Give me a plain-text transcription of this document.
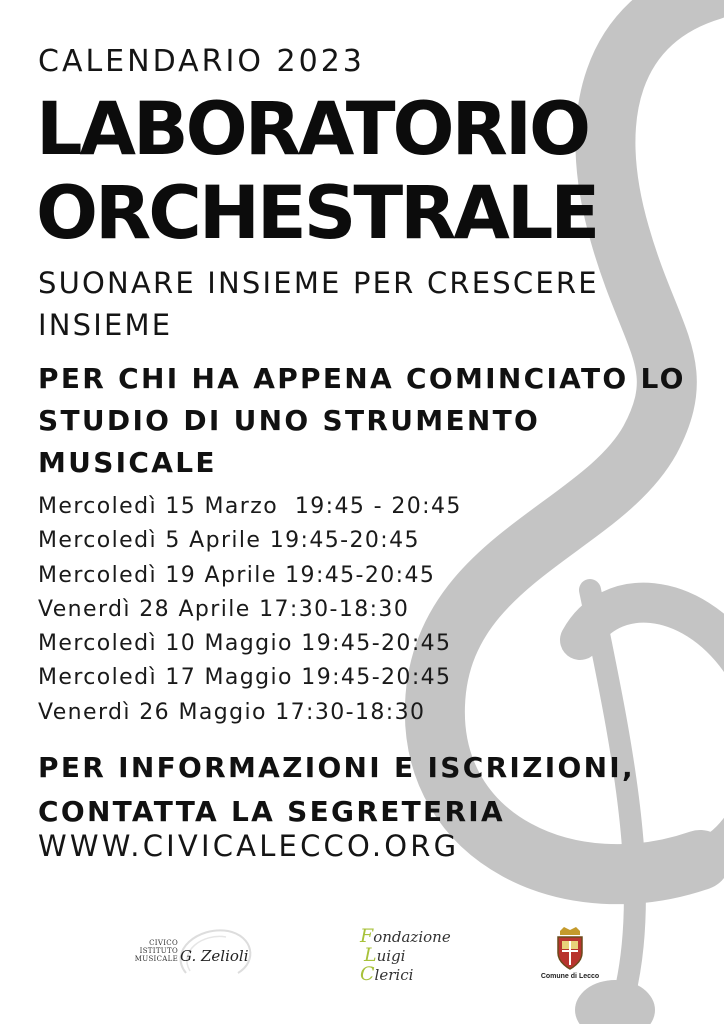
CALENDARIO 2023
LABORATORIO
ORCHESTRALE
SUONARE INSIEME PER CRESCERE INSIEME
PER CHI HA APPENA COMINCIATO LO STUDIO DI UNO STRUMENTO MUSICALE
Mercoledì 15 Marzo  19:45 - 20:45
Mercoledì 5 Aprile 19:45-20:45
Mercoledì 19 Aprile 19:45-20:45
Venerdì 28 Aprile 17:30-18:30
Mercoledì 10 Maggio 19:45-20:45
Mercoledì 17 Maggio 19:45-20:45
Venerdì 26 Maggio 17:30-18:30
PER INFORMAZIONI E ISCRIZIONI, CONTATTA LA SEGRETERIA
WWW.CIVICALECCO.ORG
CIVICO
ISTITUTO
MUSICALE G. Zelioli
Fondazione
Luigi
Clerici	Comune di Lecco
